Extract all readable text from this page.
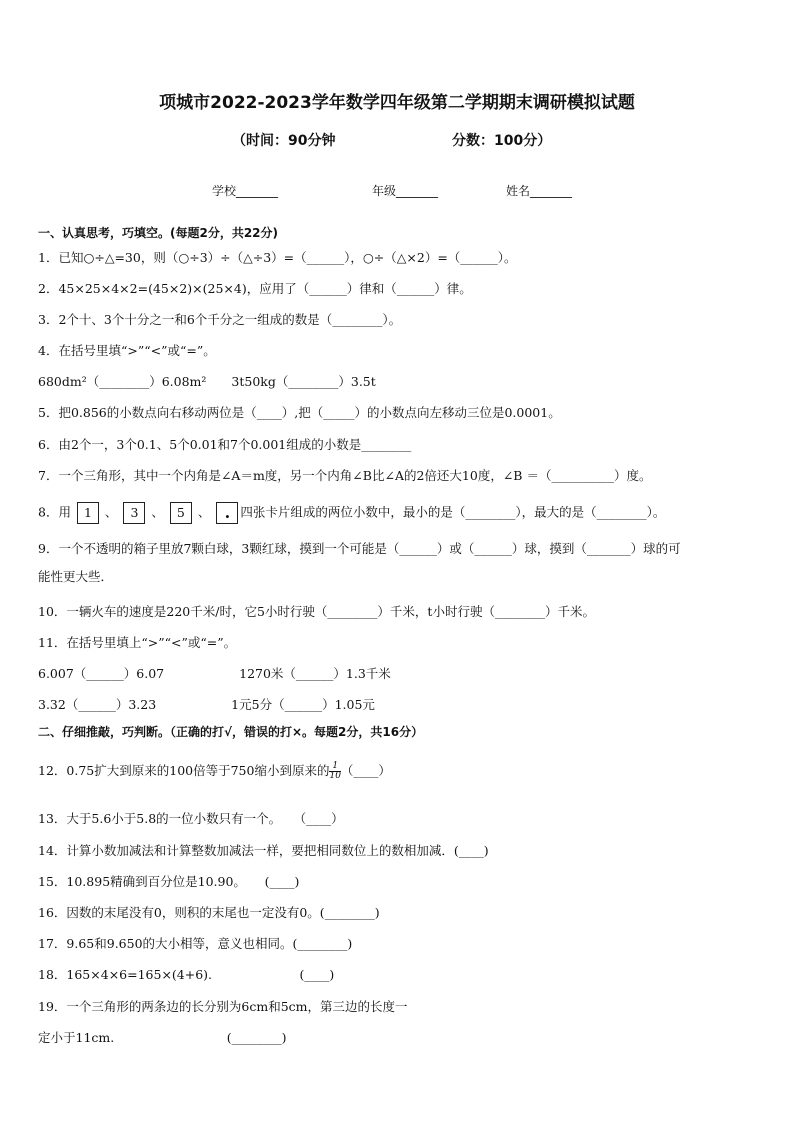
项城市2022-2023学年数学四年级第二学期期末调研模拟试题
（时间：90分钟	分数：100分）
学校_______	年级_______	姓名_______
一、认真思考，巧填空。(每题2分，共22分)
1．已知○÷△=30，则（○÷3）÷（△÷3）=（______），○÷（△×2）=（______）。
2．45×25×4×2=(45×2)×(25×4)，应用了（______）律和（______）律。
3．2个十、3个十分之一和6个千分之一组成的数是（________）。
4．在括号里填“>”“<”或“=”。
680dm²（________）6.08m²　　3t50kg（________）3.5t
5．把0.856的小数点向右移动两位是（____）,把（_____）的小数点向左移动三位是0.0001。
6．由2个一，3个0.1、5个0.01和7个0.001组成的小数是________
7．一个三角形，其中一个内角是∠A＝m度，另一个内角∠B比∠A的2倍还大10度，∠B ＝（__________）度。
8．用 1 、 3 、 5 、 . 四张卡片组成的两位小数中，最小的是（________），最大的是（________）。
9．一个不透明的箱子里放7颗白球，3颗红球，摸到一个可能是（______）或（______）球，摸到（_______）球的可
能性更大些．
10．一辆火车的速度是220千米/时，它5小时行驶（________）千米，t小时行驶（________）千米。
11．在括号里填上“>”“<”或“=”。
6.007（______）6.07　　　　　　1270米（______）1.3千米
3.32（______）3.23　　　　　　1元5分（______）1.05元
二、仔细推敲，巧判断。（正确的打√，错误的打×。每题2分，共16分）
12．0.75扩大到原来的100倍等于750缩小到原来的 $\frac{1}{10}$ （____）
13．大于5.6小于5.8的一位小数只有一个。　　（____）
14．计算小数加减法和计算整数加减法一样，要把相同数位上的数相加减．(____)
15．10.895精确到百分位是10.90。　　(____)
16．因数的末尾没有0，则积的末尾也一定没有0。(________)
17．9.65和9.650的大小相等，意义也相同。(________)
18．165×4×6=165×(4+6).　　　　　　　(____)
19．一个三角形的两条边的长分别为6cm和5cm，第三边的长度一
定小于11cm.　　　　　　　　　(________)
